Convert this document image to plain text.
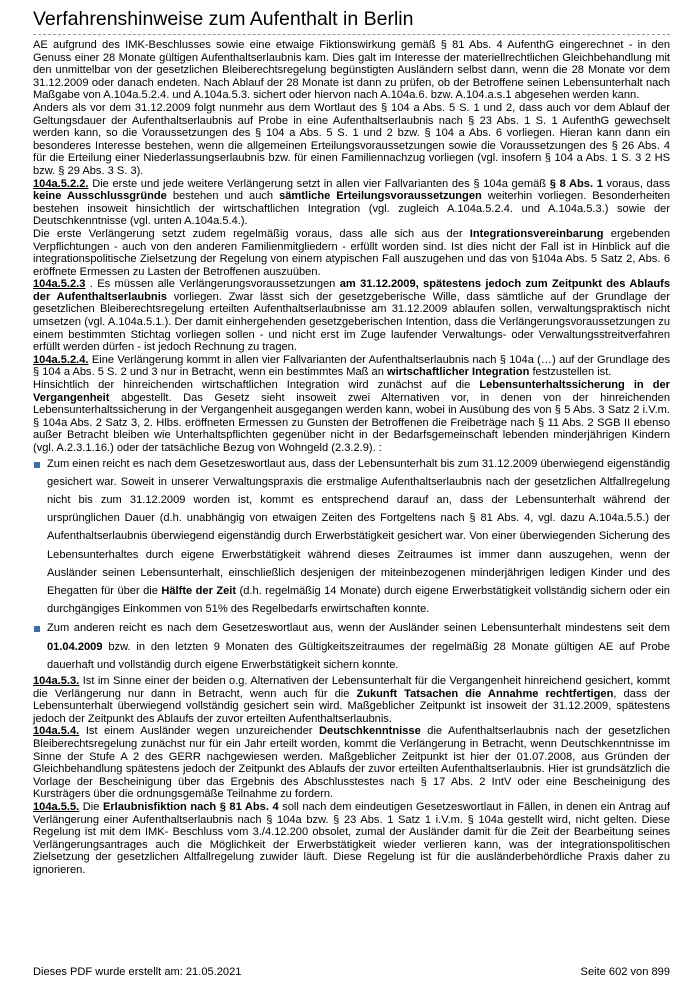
Verfahrenshinweise zum Aufenthalt in Berlin

AE aufgrund des IMK-Beschlusses sowie eine etwaige Fiktionswirkung gemäß § 81 Abs. 4 AufenthG eingerechnet - in den Genuss einer 28 Monate gültigen Aufenthaltserlaubnis kam. Dies galt im Interesse der materiellrechtlichen Gleichbehandlung mit den unmittelbar von der gesetzlichen Bleiberechtsregelung begünstigten Ausländern selbst dann, wenn die 28 Monate vor dem 31.12.2009 oder danach endeten. Nach Ablauf der 28 Monate ist dann zu prüfen, ob der Betroffene seinen Lebensunterhalt nach Maßgabe von A.104a.5.2.4. und A.104a.5.3. sichert oder hiervon nach A.104a.6. bzw. A.104.a.s.1 abgesehen werden kann.

Anders als vor dem 31.12.2009 folgt nunmehr aus dem Wortlaut des § 104 a Abs. 5 S. 1 und 2, dass auch vor dem Ablauf der Geltungsdauer der Aufenthaltserlaubnis auf Probe in eine Aufenthaltserlaubnis nach § 23 Abs. 1 S. 1 AufenthG gewechselt werden kann, so die Voraussetzungen des § 104 a Abs. 5 S. 1 und 2 bzw. § 104 a Abs. 6 vorliegen. Hieran kann dann ein besonderes Interesse bestehen, wenn die allgemeinen Erteilungsvoraussetzungen sowie die Voraussetzungen des § 26 Abs. 4 für die Erteilung einer Niederlassungserlaubnis bzw. für einen Familiennachzug vorliegen (vgl. insofern § 104 a Abs. 1 S. 3 2 HS bzw. § 29 Abs. 3 S. 3).

104a.5.2.2. Die erste und jede weitere Verlängerung setzt in allen vier Fallvarianten des § 104a gemäß § 8 Abs. 1 voraus, dass keine Ausschlussgründe bestehen und auch sämtliche Erteilungsvoraussetzungen weiterhin vorliegen. Besonderheiten bestehen insoweit hinsichtlich der wirtschaftlichen Integration (vgl. zugleich A.104a.5.2.4. und A.104a.5.3.) sowie der Deutschkenntnisse (vgl. unten A.104a.5.4.).

Die erste Verlängerung setzt zudem regelmäßig voraus, dass alle sich aus der Integrationsvereinbarung ergebenden Verpflichtungen - auch von den anderen Familienmitgliedern - erfüllt worden sind. Ist dies nicht der Fall ist in Hinblick auf die integrationspolitische Zielsetzung der Regelung von einem atypischen Fall auszugehen und das von §104a Abs. 5 Satz 2, Abs. 6 eröffnete Ermessen zu Lasten der Betroffenen auszuüben.

104a.5.2.3 . Es müssen alle Verlängerungsvoraussetzungen am 31.12.2009, spätestens jedoch zum Zeitpunkt des Ablaufs der Aufenthaltserlaubnis vorliegen. Zwar lässt sich der gesetzgeberische Wille, dass sämtliche auf der Grundlage der gesetzlichen Bleiberechtsregelung erteilten Aufenthaltserlaubnisse am 31.12.2009 ablaufen sollen, verwaltungspraktisch nicht umsetzen (vgl. A.104a.5.1.). Der damit einhergehenden gesetzgeberischen Intention, dass die Verlängerungsvoraussetzungen zu einem bestimmten Stichtag vorliegen sollen - und nicht erst im Zuge laufender Verwaltungs- oder Verwaltungsstreitverfahren erfüllt werden dürfen - ist jedoch Rechnung zu tragen.

104a.5.2.4. Eine Verlängerung kommt in allen vier Fallvarianten der Aufenthaltserlaubnis nach § 104a (…) auf der Grundlage des § 104 a Abs. 5 S. 2 und 3 nur in Betracht, wenn ein bestimmtes Maß an wirtschaftlicher Integration festzustellen ist.

Hinsichtlich der hinreichenden wirtschaftlichen Integration wird zunächst auf die Lebensunterhaltssicherung in der Vergangenheit abgestellt. Das Gesetz sieht insoweit zwei Alternativen vor, in denen von der hinreichenden Lebensunterhaltssicherung in der Vergangenheit ausgegangen werden kann, wobei in Ausübung des von § 5 Abs. 3 Satz 2 i.V.m. § 104a Abs. 2 Satz 3, 2. Hlbs. eröffneten Ermessen zu Gunsten der Betroffenen die Freibeträge nach § 11 Abs. 2 SGB II ebenso außer Betracht bleiben wie Unterhaltspflichten gegenüber nicht in der Bedarfsgemeinschaft lebenden minderjährigen Kindern (vgl. A.2.3.1.16.) oder der tatsächliche Bezug von Wohngeld (2.3.2.9). :

Zum einen reicht es nach dem Gesetzeswortlaut aus, dass der Lebensunterhalt bis zum 31.12.2009 überwiegend eigenständig gesichert war. Soweit in unserer Verwaltungspraxis die erstmalige Aufenthaltserlaubnis nach der gesetzlichen Altfallregelung nicht bis zum 31.12.2009 worden ist, kommt es entsprechend darauf an, dass der Lebensunterhalt während der ursprünglichen Dauer (d.h. unabhängig von etwaigen Zeiten des Fortgeltens nach § 81 Abs. 4, vgl. dazu A.104a.5.5.) der Aufenthaltserlaubnis überwiegend eigenständig durch Erwerbstätigkeit gesichert war. Von einer überwiegenden Sicherung des Lebensunterhaltes durch eigene Erwerbstätigkeit während dieses Zeitraumes ist immer dann auszugehen, wenn der Ausländer seinen Lebensunterhalt, einschließlich desjenigen der miteinbezogenen minderjährigen ledigen Kinder und des Ehegatten für über die Hälfte der Zeit (d.h. regelmäßig 14 Monate) durch eigene Erwerbstätigkeit vollständig sichern oder ein durchgängiges Einkommen von 51% des Regelbedarfs erwirtschaften konnte.
Zum anderen reicht es nach dem Gesetzeswortlaut aus, wenn der Ausländer seinen Lebensunterhalt mindestens seit dem 01.04.2009 bzw. in den letzten 9 Monaten des Gültigkeitszeitraumes der regelmäßig 28 Monate gültigen AE auf Probe dauerhaft und vollständig durch eigene Erwerbstätigkeit sichern konnte.

104a.5.3. Ist im Sinne einer der beiden o.g. Alternativen der Lebensunterhalt für die Vergangenheit hinreichend gesichert, kommt die Verlängerung nur dann in Betracht, wenn auch für die Zukunft Tatsachen die Annahme rechtfertigen, dass der Lebensunterhalt überwiegend vollständig gesichert sein wird. Maßgeblicher Zeitpunkt ist insoweit der 31.12.2009, spätestens jedoch der Zeitpunkt des Ablaufs der zuvor erteilten Aufenthaltserlaubnis.

104a.5.4. Ist einem Ausländer wegen unzureichender Deutschkenntnisse die Aufenthaltserlaubnis nach der gesetzlichen Bleiberechtsregelung zunächst nur für ein Jahr erteilt worden, kommt die Verlängerung in Betracht, wenn Deutschkenntnisse im Sinne der Stufe A 2 des GERR nachgewiesen werden. Maßgeblicher Zeitpunkt ist hier der 01.07.2008, aus Gründen der Gleichbehandlung spätestens jedoch der Zeitpunkt des Ablaufs der zuvor erteilten Aufenthaltserlaubnis. Hier ist grundsätzlich die Vorlage der Bescheinigung über das Ergebnis des Abschlusstestes nach § 17 Abs. 2 IntV oder eine Bescheinigung des Kursträgers über die ordnungsgemäße Teilnahme zu fordern.

104a.5.5. Die Erlaubnisfiktion nach § 81 Abs. 4 soll nach dem eindeutigen Gesetzeswortlaut in Fällen, in denen ein Antrag auf Verlängerung einer Aufenthaltserlaubnis nach § 104a bzw. § 23 Abs. 1 Satz 1 i.V.m. § 104a gestellt wird, nicht gelten. Diese Regelung ist mit dem IMK- Beschluss vom 3./4.12.200 obsolet, zumal der Ausländer damit für die Zeit der Bearbeitung seines Verlängerungsantrages auch die Möglichkeit der Erwerbstätigkeit wieder verlieren kann, was der integrationspolitischen Zielsetzung der gesetzlichen Altfallregelung zuwider läuft. Diese Regelung ist für die ausländerbehördliche Praxis daher zu ignorieren.

Dieses PDF wurde erstellt am: 21.05.2021	Seite 602 von 899
